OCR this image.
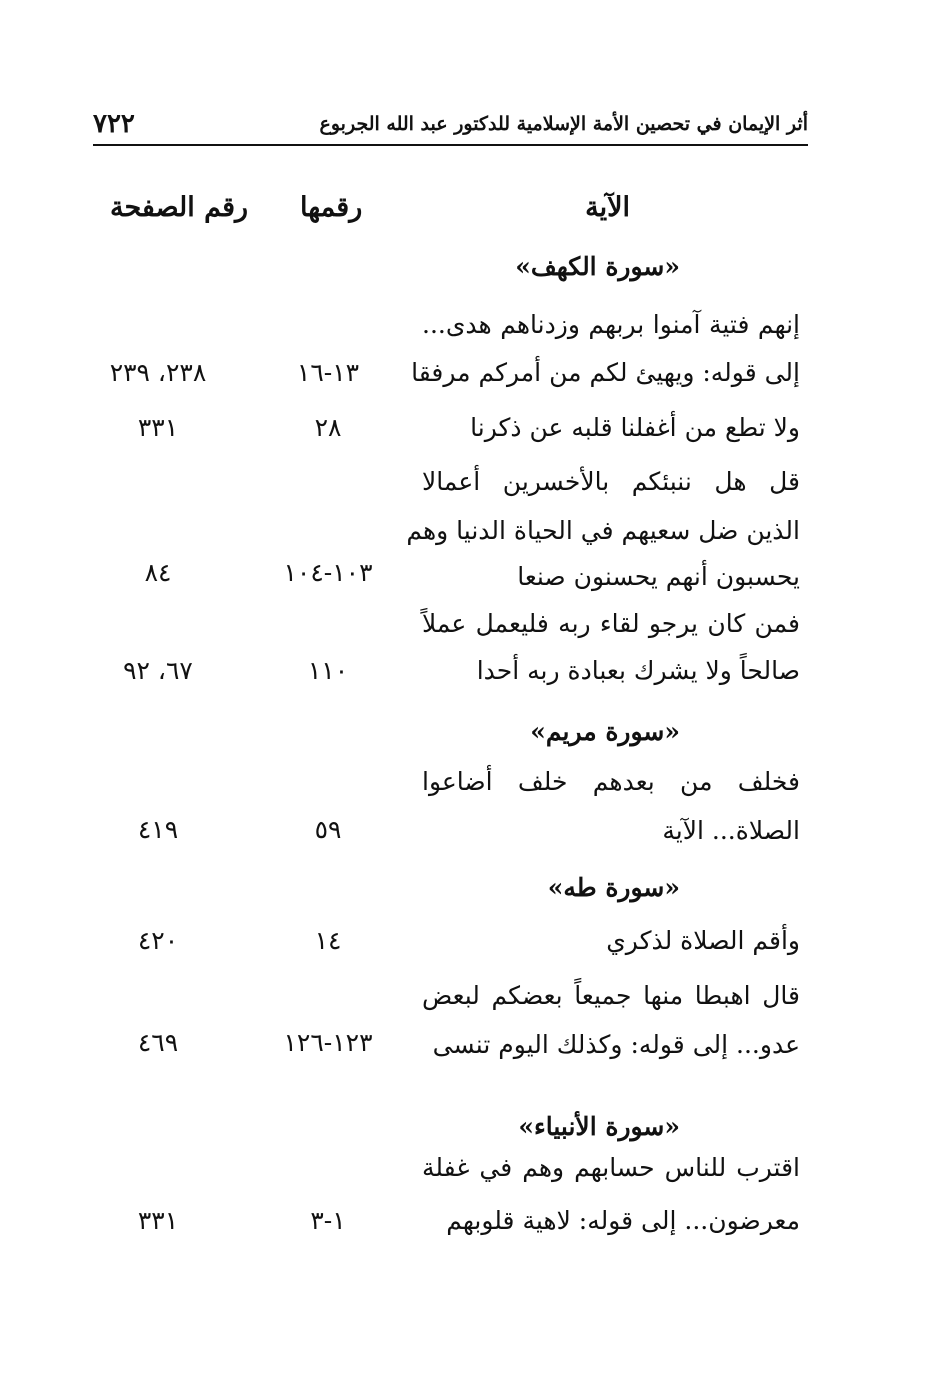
٧٢٢	أثر الإيمان في تحصين الأمة الإسلامية للدكتور عبد الله الجربوع
الآية
رقمها
رقم الصفحة
«سورة الكهف»
إنهم فتية آمنوا بربهم وزدناهم هدى...
إلى قوله: ويهيئ لكم من أمركم مرفقا
١٣-١٦
٢٣٨، ٢٣٩
ولا تطع من أغفلنا قلبه عن ذكرنا
٢٨
٣٣١
قل هل ننبئكم بالأخسرين أعمالا
الذين ضل سعيهم في الحياة الدنيا وهم
يحسبون أنهم يحسنون صنعا
١٠٣-١٠٤
٨٤
فمن كان يرجو لقاء ربه فليعمل عملاً
صالحاً ولا يشرك بعبادة ربه أحدا
١١٠
٦٧، ٩٢
«سورة مريم»
فخلف من بعدهم خلف أضاعوا
الصلاة... الآية
٥٩
٤١٩
«سورة طه»
وأقم الصلاة لذكري
١٤
٤٢٠
قال اهبطا منها جميعاً بعضكم لبعض
عدو... إلى قوله: وكذلك اليوم تنسى
١٢٣-١٢٦
٤٦٩
«سورة الأنبياء»
اقترب للناس حسابهم وهم في غفلة
معرضون... إلى قوله: لاهية قلوبهم
١-٣
٣٣١
